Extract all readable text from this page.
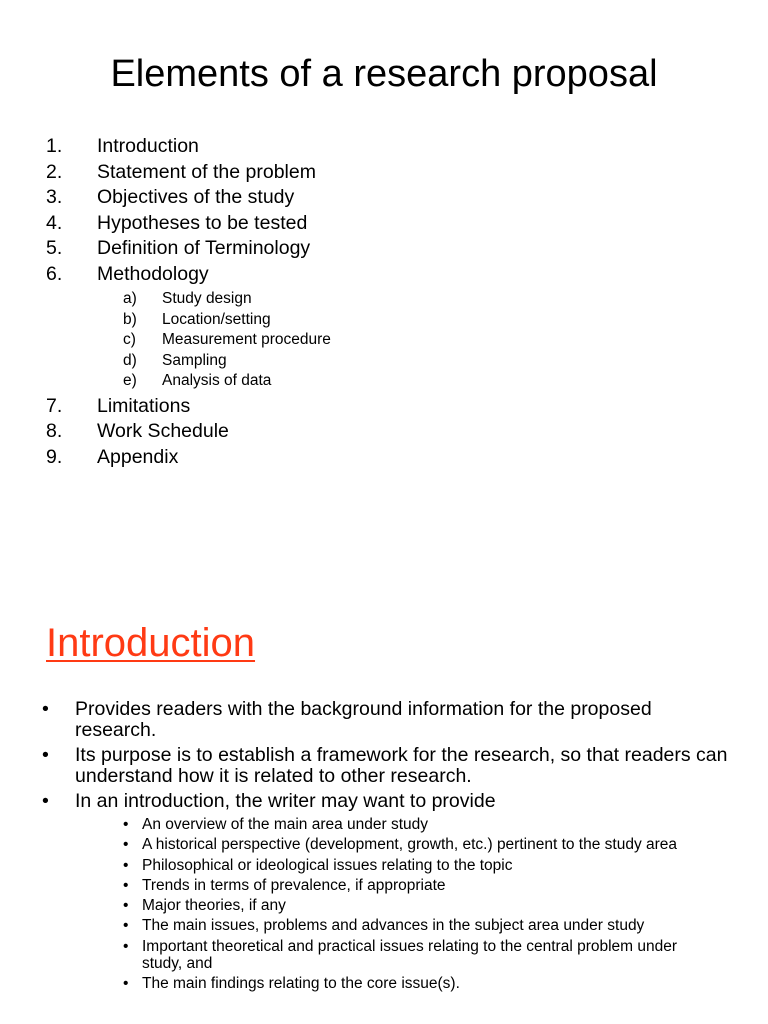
Elements of a research proposal
1. Introduction
2. Statement of the problem
3. Objectives of the study
4. Hypotheses to be tested
5. Definition of Terminology
6. Methodology
a) Study design
b) Location/setting
c) Measurement procedure
d) Sampling
e) Analysis of data
7. Limitations
8. Work Schedule
9. Appendix
Introduction
• Provides readers with the background information for the proposed research.
• Its purpose is to establish a framework for the research, so that readers can understand how it is related to other research.
• In an introduction, the writer may want to provide
• An overview of the main area under study
• A historical perspective (development, growth, etc.) pertinent to the study area
• Philosophical or ideological issues relating to the topic
• Trends in terms of prevalence, if appropriate
• Major theories, if any
• The main issues, problems and advances in the subject area under study
• Important theoretical and practical issues relating to the central problem under study, and
• The main findings relating to the core issue(s).
